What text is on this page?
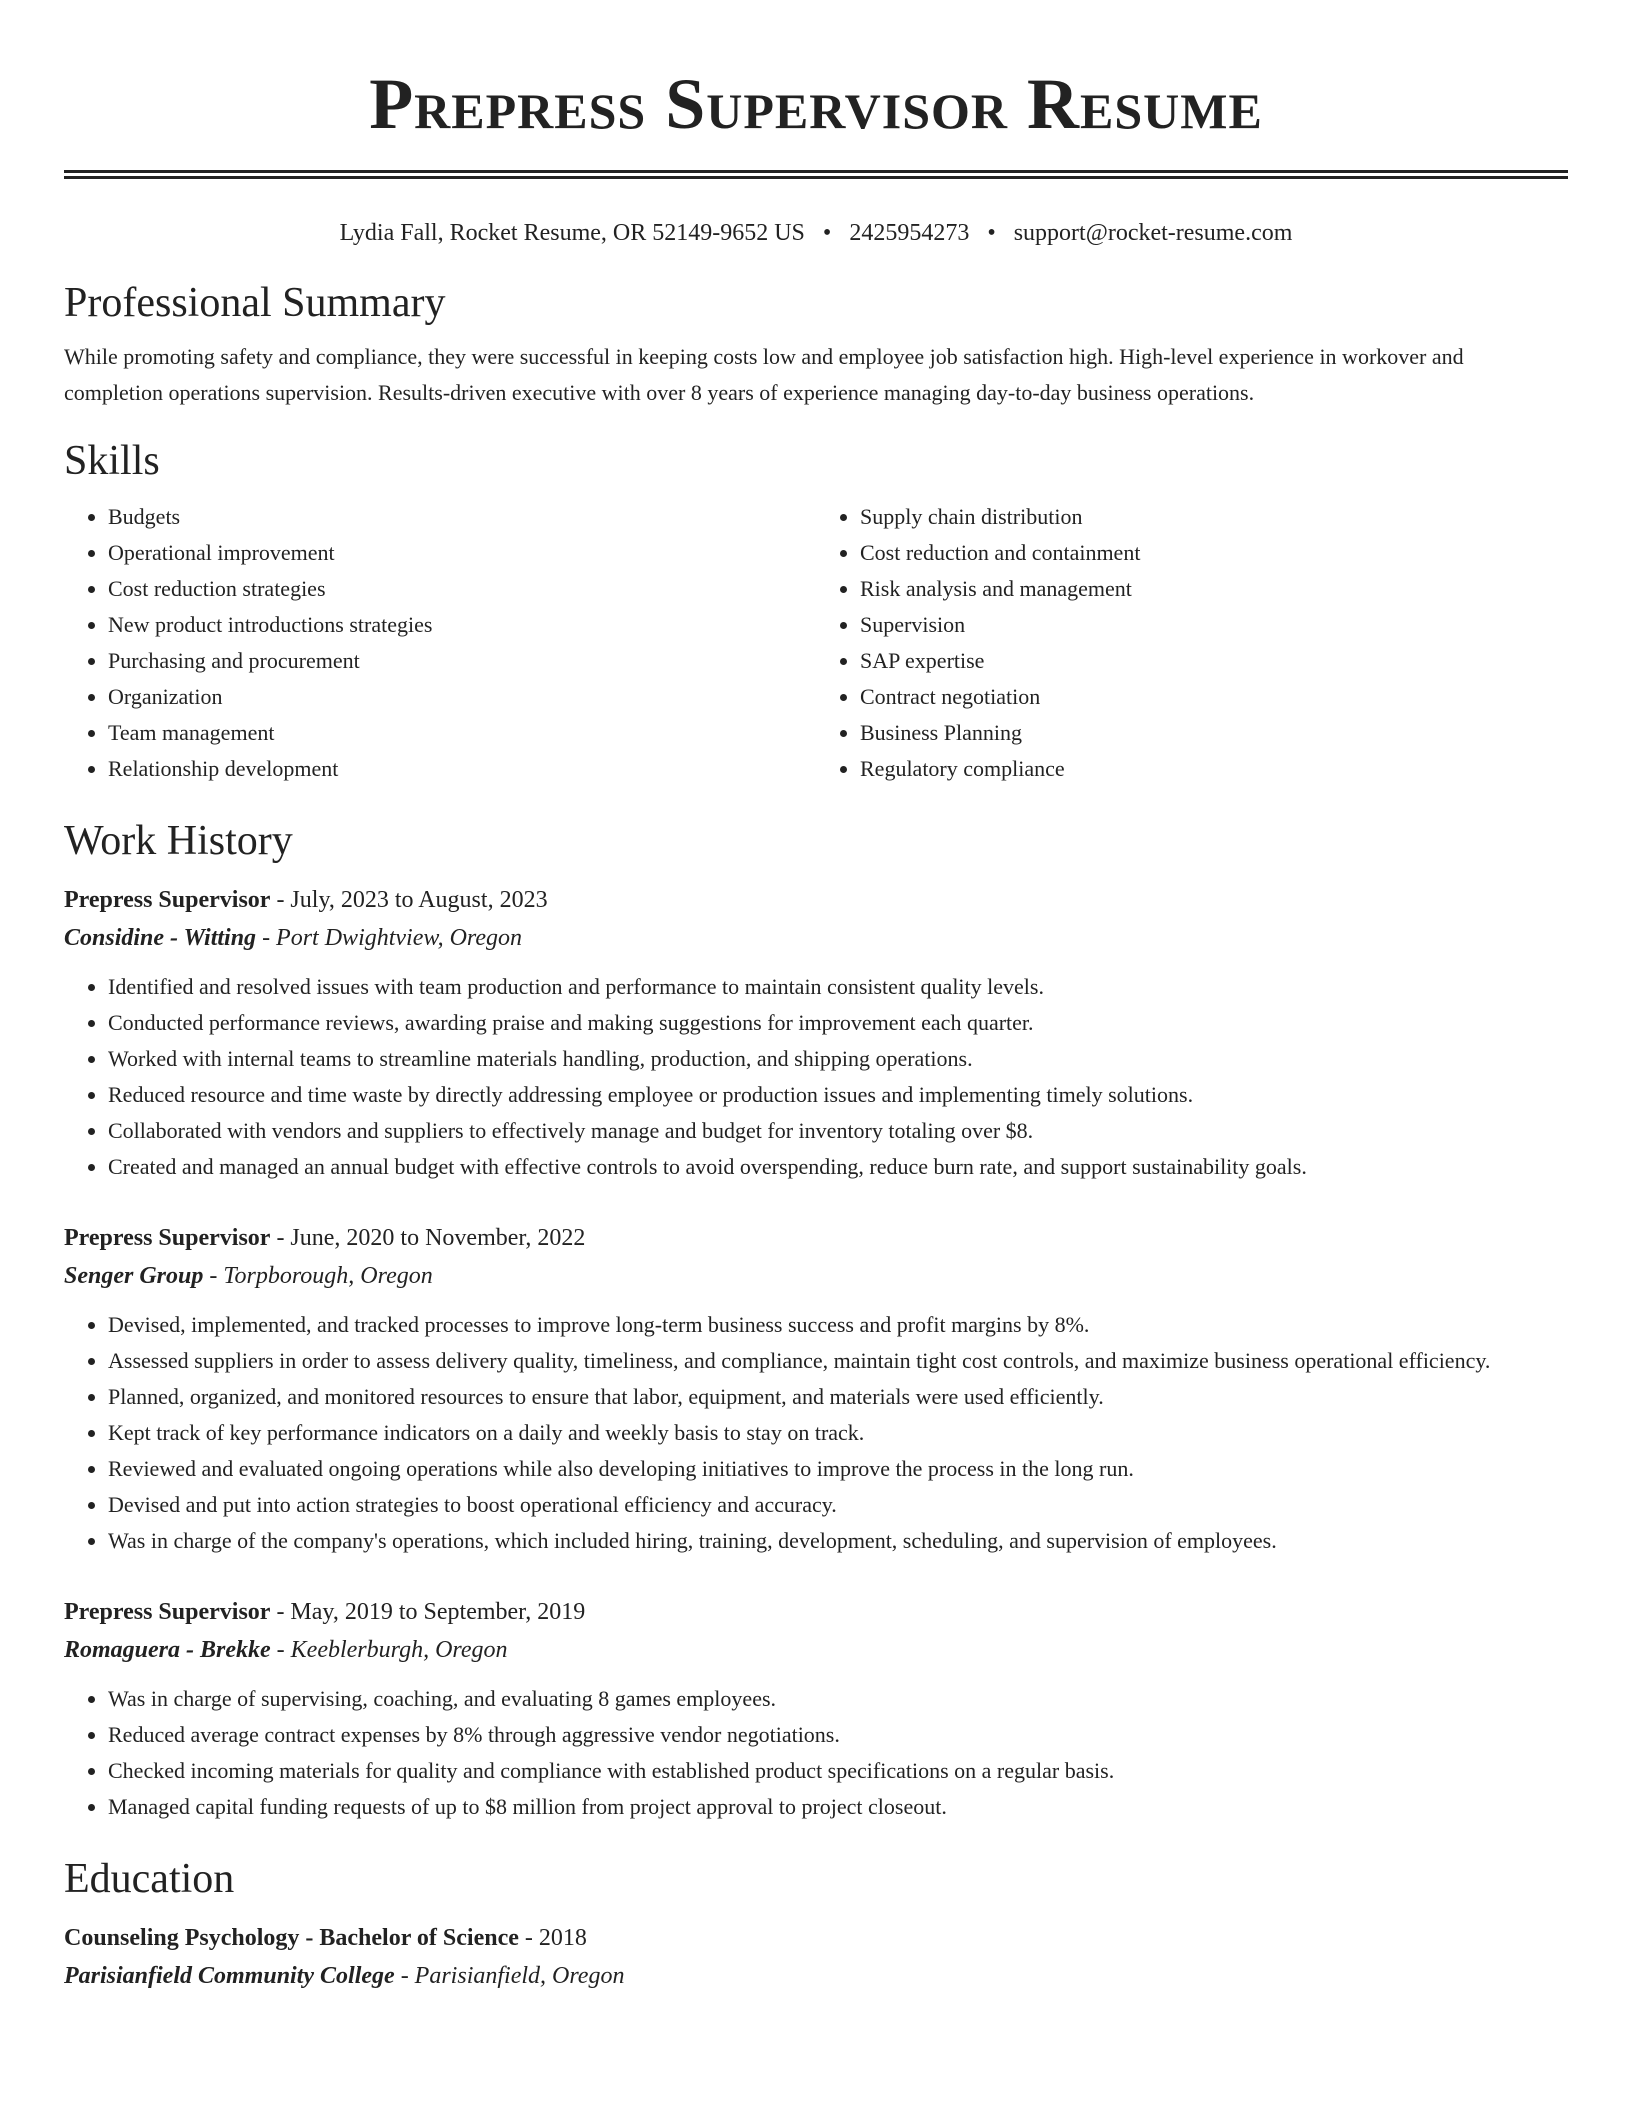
Prepress Supervisor Resume
Lydia Fall, Rocket Resume, OR 52149-9652 US • 2425954273 • support@rocket-resume.com
Professional Summary

While promoting safety and compliance, they were successful in keeping costs low and employee job satisfaction high. High-level experience in workover and completion operations supervision. Results-driven executive with over 8 years of experience managing day-to-day business operations.

Skills
• Budgets
• Operational improvement
• Cost reduction strategies
• New product introductions strategies
• Purchasing and procurement
• Organization
• Team management
• Relationship development
• Supply chain distribution
• Cost reduction and containment
• Risk analysis and management
• Supervision
• SAP expertise
• Contract negotiation
• Business Planning
• Regulatory compliance
Work History
Prepress Supervisor - July, 2023 to August, 2023
Considine - Witting - Port Dwightview, Oregon
• Identified and resolved issues with team production and performance to maintain consistent quality levels.
• Conducted performance reviews, awarding praise and making suggestions for improvement each quarter.
• Worked with internal teams to streamline materials handling, production, and shipping operations.
• Reduced resource and time waste by directly addressing employee or production issues and implementing timely solutions.
• Collaborated with vendors and suppliers to effectively manage and budget for inventory totaling over $8.
• Created and managed an annual budget with effective controls to avoid overspending, reduce burn rate, and support sustainability goals.
Prepress Supervisor - June, 2020 to November, 2022
Senger Group - Torpborough, Oregon
• Devised, implemented, and tracked processes to improve long-term business success and profit margins by 8%.
• Assessed suppliers in order to assess delivery quality, timeliness, and compliance, maintain tight cost controls, and maximize business operational efficiency.
• Planned, organized, and monitored resources to ensure that labor, equipment, and materials were used efficiently.
• Kept track of key performance indicators on a daily and weekly basis to stay on track.
• Reviewed and evaluated ongoing operations while also developing initiatives to improve the process in the long run.
• Devised and put into action strategies to boost operational efficiency and accuracy.
• Was in charge of the company's operations, which included hiring, training, development, scheduling, and supervision of employees.
Prepress Supervisor - May, 2019 to September, 2019
Romaguera - Brekke - Keeblerburgh, Oregon
• Was in charge of supervising, coaching, and evaluating 8 games employees.
• Reduced average contract expenses by 8% through aggressive vendor negotiations.
• Checked incoming materials for quality and compliance with established product specifications on a regular basis.
• Managed capital funding requests of up to $8 million from project approval to project closeout.
Education
Counseling Psychology - Bachelor of Science - 2018
Parisianfield Community College - Parisianfield, Oregon
